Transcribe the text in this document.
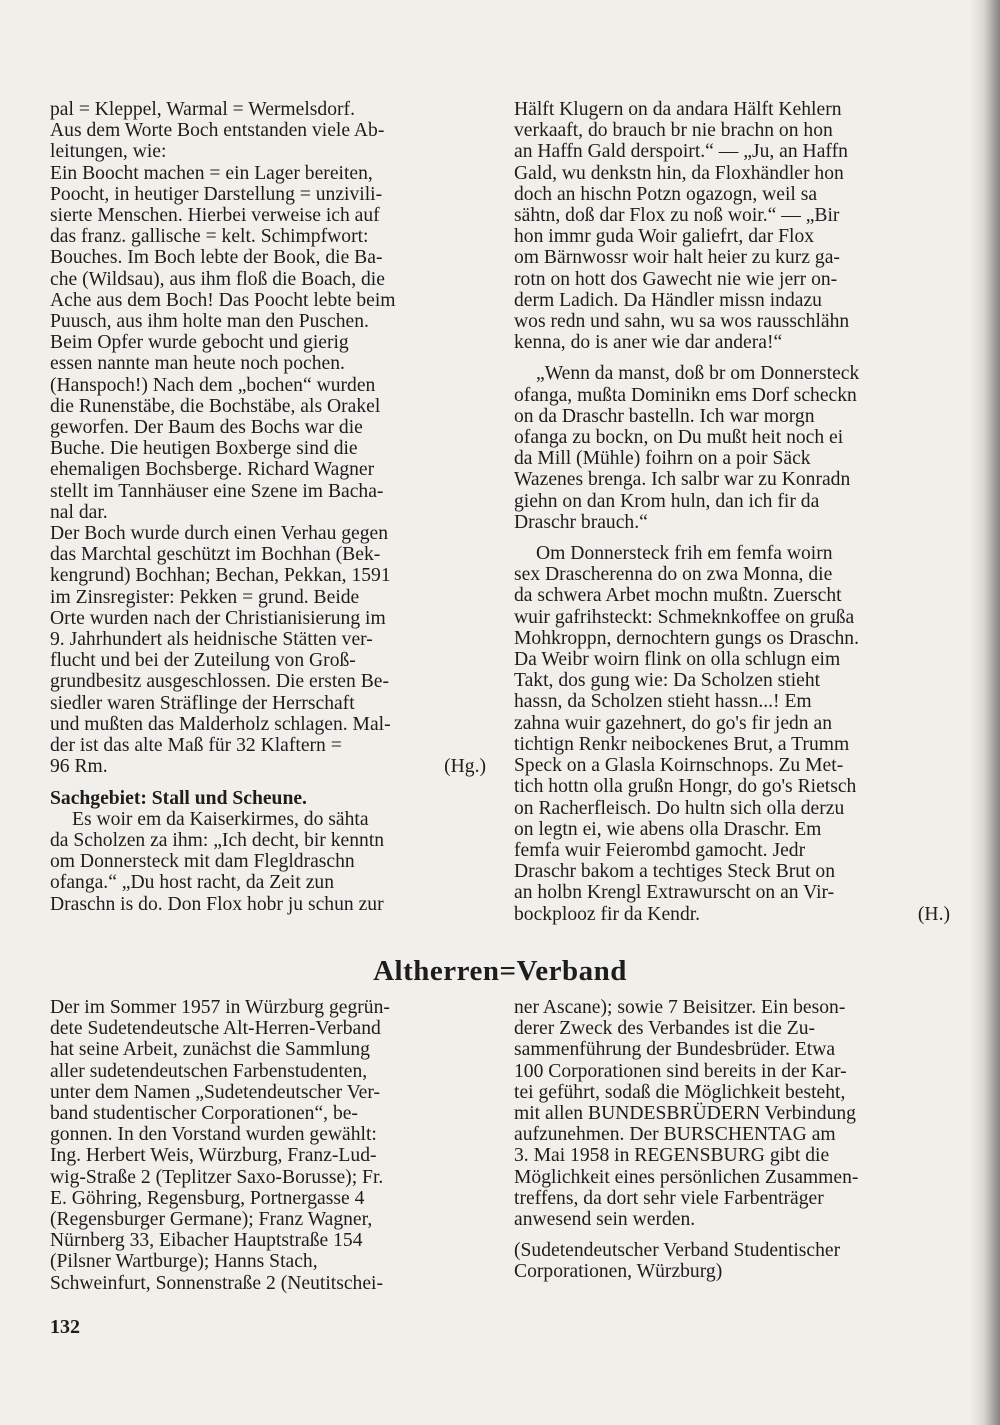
pal = Kleppel, Warmal = Wermelsdorf.

Aus dem Worte Boch entstanden viele Ab-

leitungen, wie:

Ein Boocht machen = ein Lager bereiten,

Poocht, in heutiger Darstellung = unzivili-

sierte Menschen. Hierbei verweise ich auf

das franz. gallische = kelt. Schimpfwort:

Bouches. Im Boch lebte der Book, die Ba-

che (Wildsau), aus ihm floß die Boach, die

Ache aus dem Boch! Das Poocht lebte beim

Puusch, aus ihm holte man den Puschen.

Beim Opfer wurde gebocht und gierig

essen nannte man heute noch pochen.

(Hanspoch!) Nach dem „bochen“ wurden

die Runenstäbe, die Bochstäbe, als Orakel

geworfen. Der Baum des Bochs war die

Buche. Die heutigen Boxberge sind die

ehemaligen Bochsberge. Richard Wagner

stellt im Tannhäuser eine Szene im Bacha-

nal dar.

Der Boch wurde durch einen Verhau gegen

das Marchtal geschützt im Bochhan (Bek-

kengrund) Bochhan; Bechan, Pekkan, 1591

im Zinsregister: Pekken = grund. Beide

Orte wurden nach der Christianisierung im

9. Jahrhundert als heidnische Stätten ver-

flucht und bei der Zuteilung von Groß-

grundbesitz ausgeschlossen. Die ersten Be-

siedler waren Sträflinge der Herrschaft

und mußten das Malderholz schlagen. Mal-

der ist das alte Maß für 32 Klaftern =

96 Rm.	(Hg.)

Sachgebiet: Stall und Scheune.

Es woir em da Kaiserkirmes, do sähta

da Scholzen za ihm: „Ich decht, bir kenntn

om Donnersteck mit dam Flegldraschn

ofanga.“ „Du host racht, da Zeit zun

Draschn is do. Don Flox hobr ju schun zur

Hälft Klugern on da andara Hälft Kehlern

verkaaft, do brauch br nie brachn on hon

an Haffn Gald derspoirt.“ — „Ju, an Haffn

Gald, wu denkstn hin, da Floxhändler hon

doch an hischn Potzn ogazogn, weil sa

sähtn, doß dar Flox zu noß woir.“ — „Bir

hon immr guda Woir galiefrt, dar Flox

om Bärnwossr woir halt heier zu kurz ga-

rotn on hott dos Gawecht nie wie jerr on-

derm Ladich. Da Händler missn indazu

wos redn und sahn, wu sa wos rausschlähn

kenna, do is aner wie dar andera!“

„Wenn da manst, doß br om Donnersteck

ofanga, mußta Dominikn ems Dorf scheckn

on da Draschr bastelln. Ich war morgn

ofanga zu bockn, on Du mußt heit noch ei

da Mill (Mühle) foihrn on a poir Säck

Wazenes brenga. Ich salbr war zu Konradn

giehn on dan Krom huln, dan ich fir da

Draschr brauch.“

Om Donnersteck frih em femfa woirn

sex Drascherenna do on zwa Monna, die

da schwera Arbet mochn mußtn. Zuerscht

wuir gafrihsteckt: Schmeknkoffee on grußa

Mohkroppn, dernochtern gungs os Draschn.

Da Weibr woirn flink on olla schlugn eim

Takt, dos gung wie: Da Scholzen stieht

hassn, da Scholzen stieht hassn...! Em

zahna wuir gazehnert, do go's fir jedn an

tichtign Renkr neibockenes Brut, a Trumm

Speck on a Glasla Koirnschnops. Zu Met-

tich hottn olla grußn Hongr, do go's Rietsch

on Racherfleisch. Do hultn sich olla derzu

on legtn ei, wie abens olla Draschr. Em

femfa wuir Feierombd gamocht. Jedr

Draschr bakom a techtiges Steck Brut on

an holbn Krengl Extrawurscht on an Vir-

bockplooz fir da Kendr.	(H.)
Altherren=Verband

Der im Sommer 1957 in Würzburg gegrün-

dete Sudetendeutsche Alt-Herren-Verband

hat seine Arbeit, zunächst die Sammlung

aller sudetendeutschen Farbenstudenten,

unter dem Namen „Sudetendeutscher Ver-

band studentischer Corporationen“, be-

gonnen. In den Vorstand wurden gewählt:

Ing. Herbert Weis, Würzburg, Franz-Lud-

wig-Straße 2 (Teplitzer Saxo-Borusse); Fr.

E. Göhring, Regensburg, Portnergasse 4

(Regensburger Germane); Franz Wagner,

Nürnberg 33, Eibacher Hauptstraße 154

(Pilsner Wartburge); Hanns Stach,

Schweinfurt, Sonnenstraße 2 (Neutitschei-

ner Ascane); sowie 7 Beisitzer. Ein beson-

derer Zweck des Verbandes ist die Zu-

sammenführung der Bundesbrüder. Etwa

100 Corporationen sind bereits in der Kar-

tei geführt, sodaß die Möglichkeit besteht,

mit allen BUNDESBRÜDERN Verbindung

aufzunehmen. Der BURSCHENTAG am

3. Mai 1958 in REGENSBURG gibt die

Möglichkeit eines persönlichen Zusammen-

treffens, da dort sehr viele Farbenträger

anwesend sein werden.

(Sudetendeutscher Verband Studentischer

Corporationen, Würzburg)

132
